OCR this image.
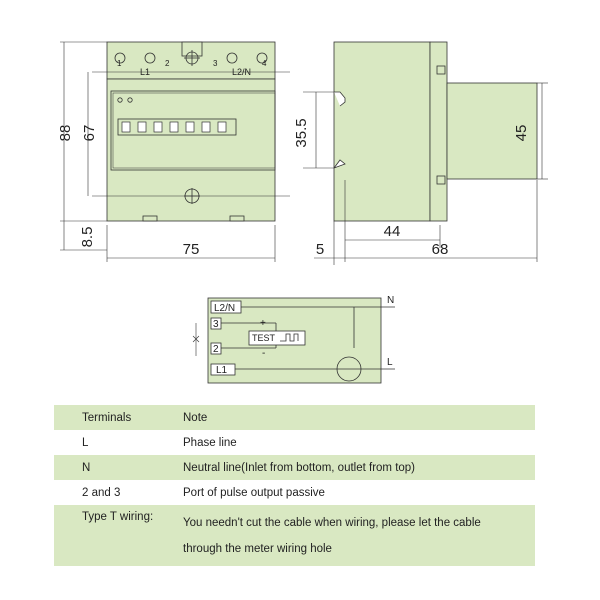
1	2	3	4
L1	L2/N
88 67
8.5
75
35.5	45
44
68
5
L2/N
3
2
L1
+
-
TEST
N
L
Terminals	Note
L	Phase line
N	Neutral line(Inlet from bottom, outlet from top)
2 and 3	Port of pulse output passive
Type T wiring:	You needn't cut the cable when wiring, please let the cable
through the meter wiring hole
